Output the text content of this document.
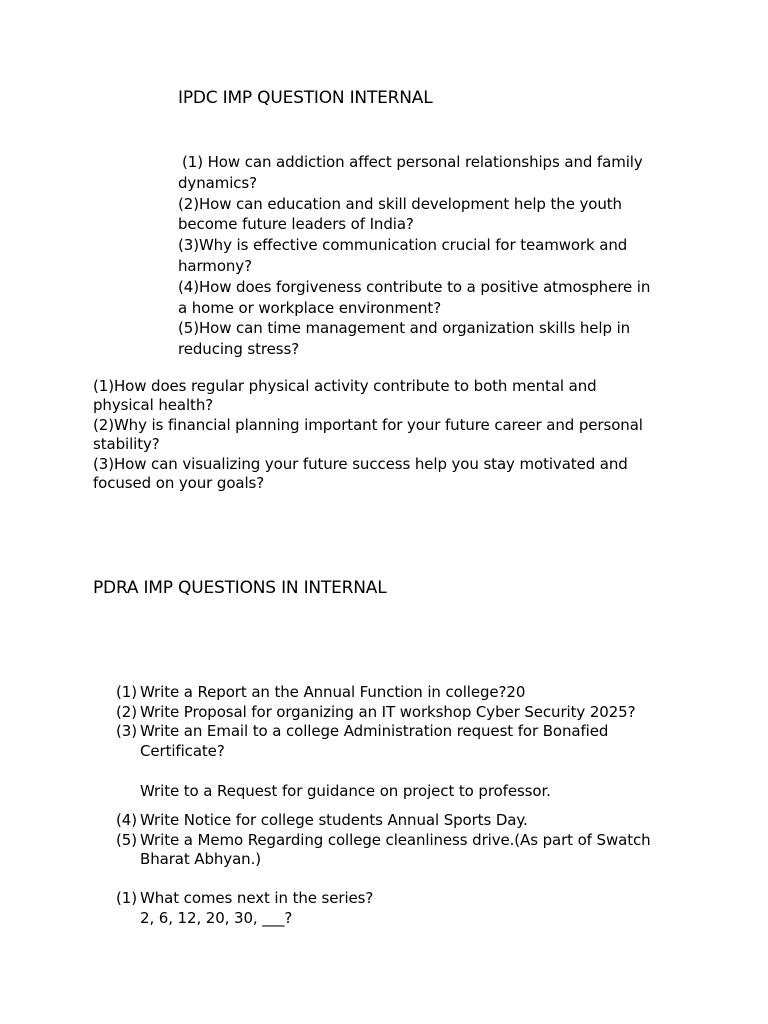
IPDC IMP QUESTION INTERNAL
(1) How can addiction affect personal relationships and family
dynamics?
(2)How can education and skill development help the youth
become future leaders of India?
(3)Why is effective communication crucial for teamwork and
harmony?
(4)How does forgiveness contribute to a positive atmosphere in
a home or workplace environment?
(5)How can time management and organization skills help in
reducing stress?
(1)How does regular physical activity contribute to both mental and
physical health?
(2)Why is financial planning important for your future career and personal
stability?
(3)How can visualizing your future success help you stay motivated and
focused on your goals?
PDRA IMP QUESTIONS IN INTERNAL
(1) Write a Report an the Annual Function in college?20
(2) Write Proposal for organizing an IT workshop Cyber Security 2025?
(3) Write an Email to a college Administration request for Bonafied
Certificate?
Write to a Request for guidance on project to professor.
(4) Write Notice for college students Annual Sports Day.
(5) Write a Memo Regarding college cleanliness drive.(As part of Swatch
Bharat Abhyan.)
(1) What comes next in the series?
2, 6, 12, 20, 30, ___?
